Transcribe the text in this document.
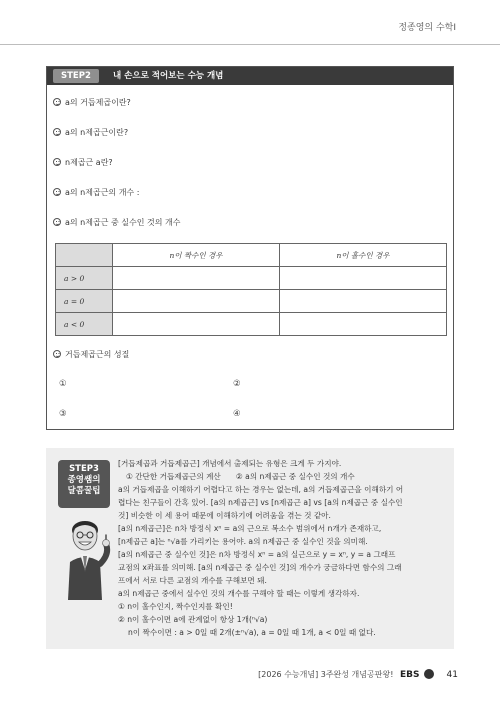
정종영의 수학Ⅰ
STEP2	내 손으로 적어보는 수능 개념
a의 거듭제곱이란?
a의 n제곱근이란?
n제곱근 a란?
a의 n제곱근의 개수 :
a의 n제곱근 중 실수인 것의 개수
	n이 짝수인 경우	n이 홀수인 경우
a > 0		
a = 0		
a < 0		
거듭제곱근의 성질
①	②
③	④
STEP3
종영쌤의
달콤꿀팁
[거듭제곱과 거듭제곱근] 개념에서 출제되는 유형은 크게 두 가지야.
① 간단한 거듭제곱근의 계산　　② a의 n제곱근 중 실수인 것의 개수
a의 거듭제곱을 이해하기 어렵다고 하는 경우는 없는데, a의 거듭제곱근을 이해하기 어
렵다는 친구들이 간혹 있어. [a의 n제곱근] vs [n제곱근 a] vs [a의 n제곱근 중 실수인
것] 비슷한 이 세 용어 때문에 이해하기에 어려움을 겪는 것 같아.
[a의 n제곱근]은 n차 방정식 xⁿ = a의 근으로 복소수 범위에서 n개가 존재하고,
[n제곱근 a]는 ⁿ√a를 가리키는 용어야. a의 n제곱근 중 실수인 것을 의미해.
[a의 n제곱근 중 실수인 것]은 n차 방정식 xⁿ = a의 실근으로 y = xⁿ, y = a 그래프
교점의 x좌표를 의미해. [a의 n제곱근 중 실수인 것]의 개수가 궁금하다면 함수의 그래
프에서 서로 다른 교점의 개수를 구해보면 돼.
a의 n제곱근 중에서 실수인 것의 개수를 구해야 할 때는 이렇게 생각하자.
① n이 홀수인지, 짝수인지를 확인!
② n이 홀수이면 a에 관계없이 항상 1개(ⁿ√a)
n이 짝수이면 : a > 0일 때 2개(±ⁿ√a), a = 0일 때 1개, a < 0일 때 없다.
[2026 수능개념] 3주완성 개념공판왕! EBS	41
